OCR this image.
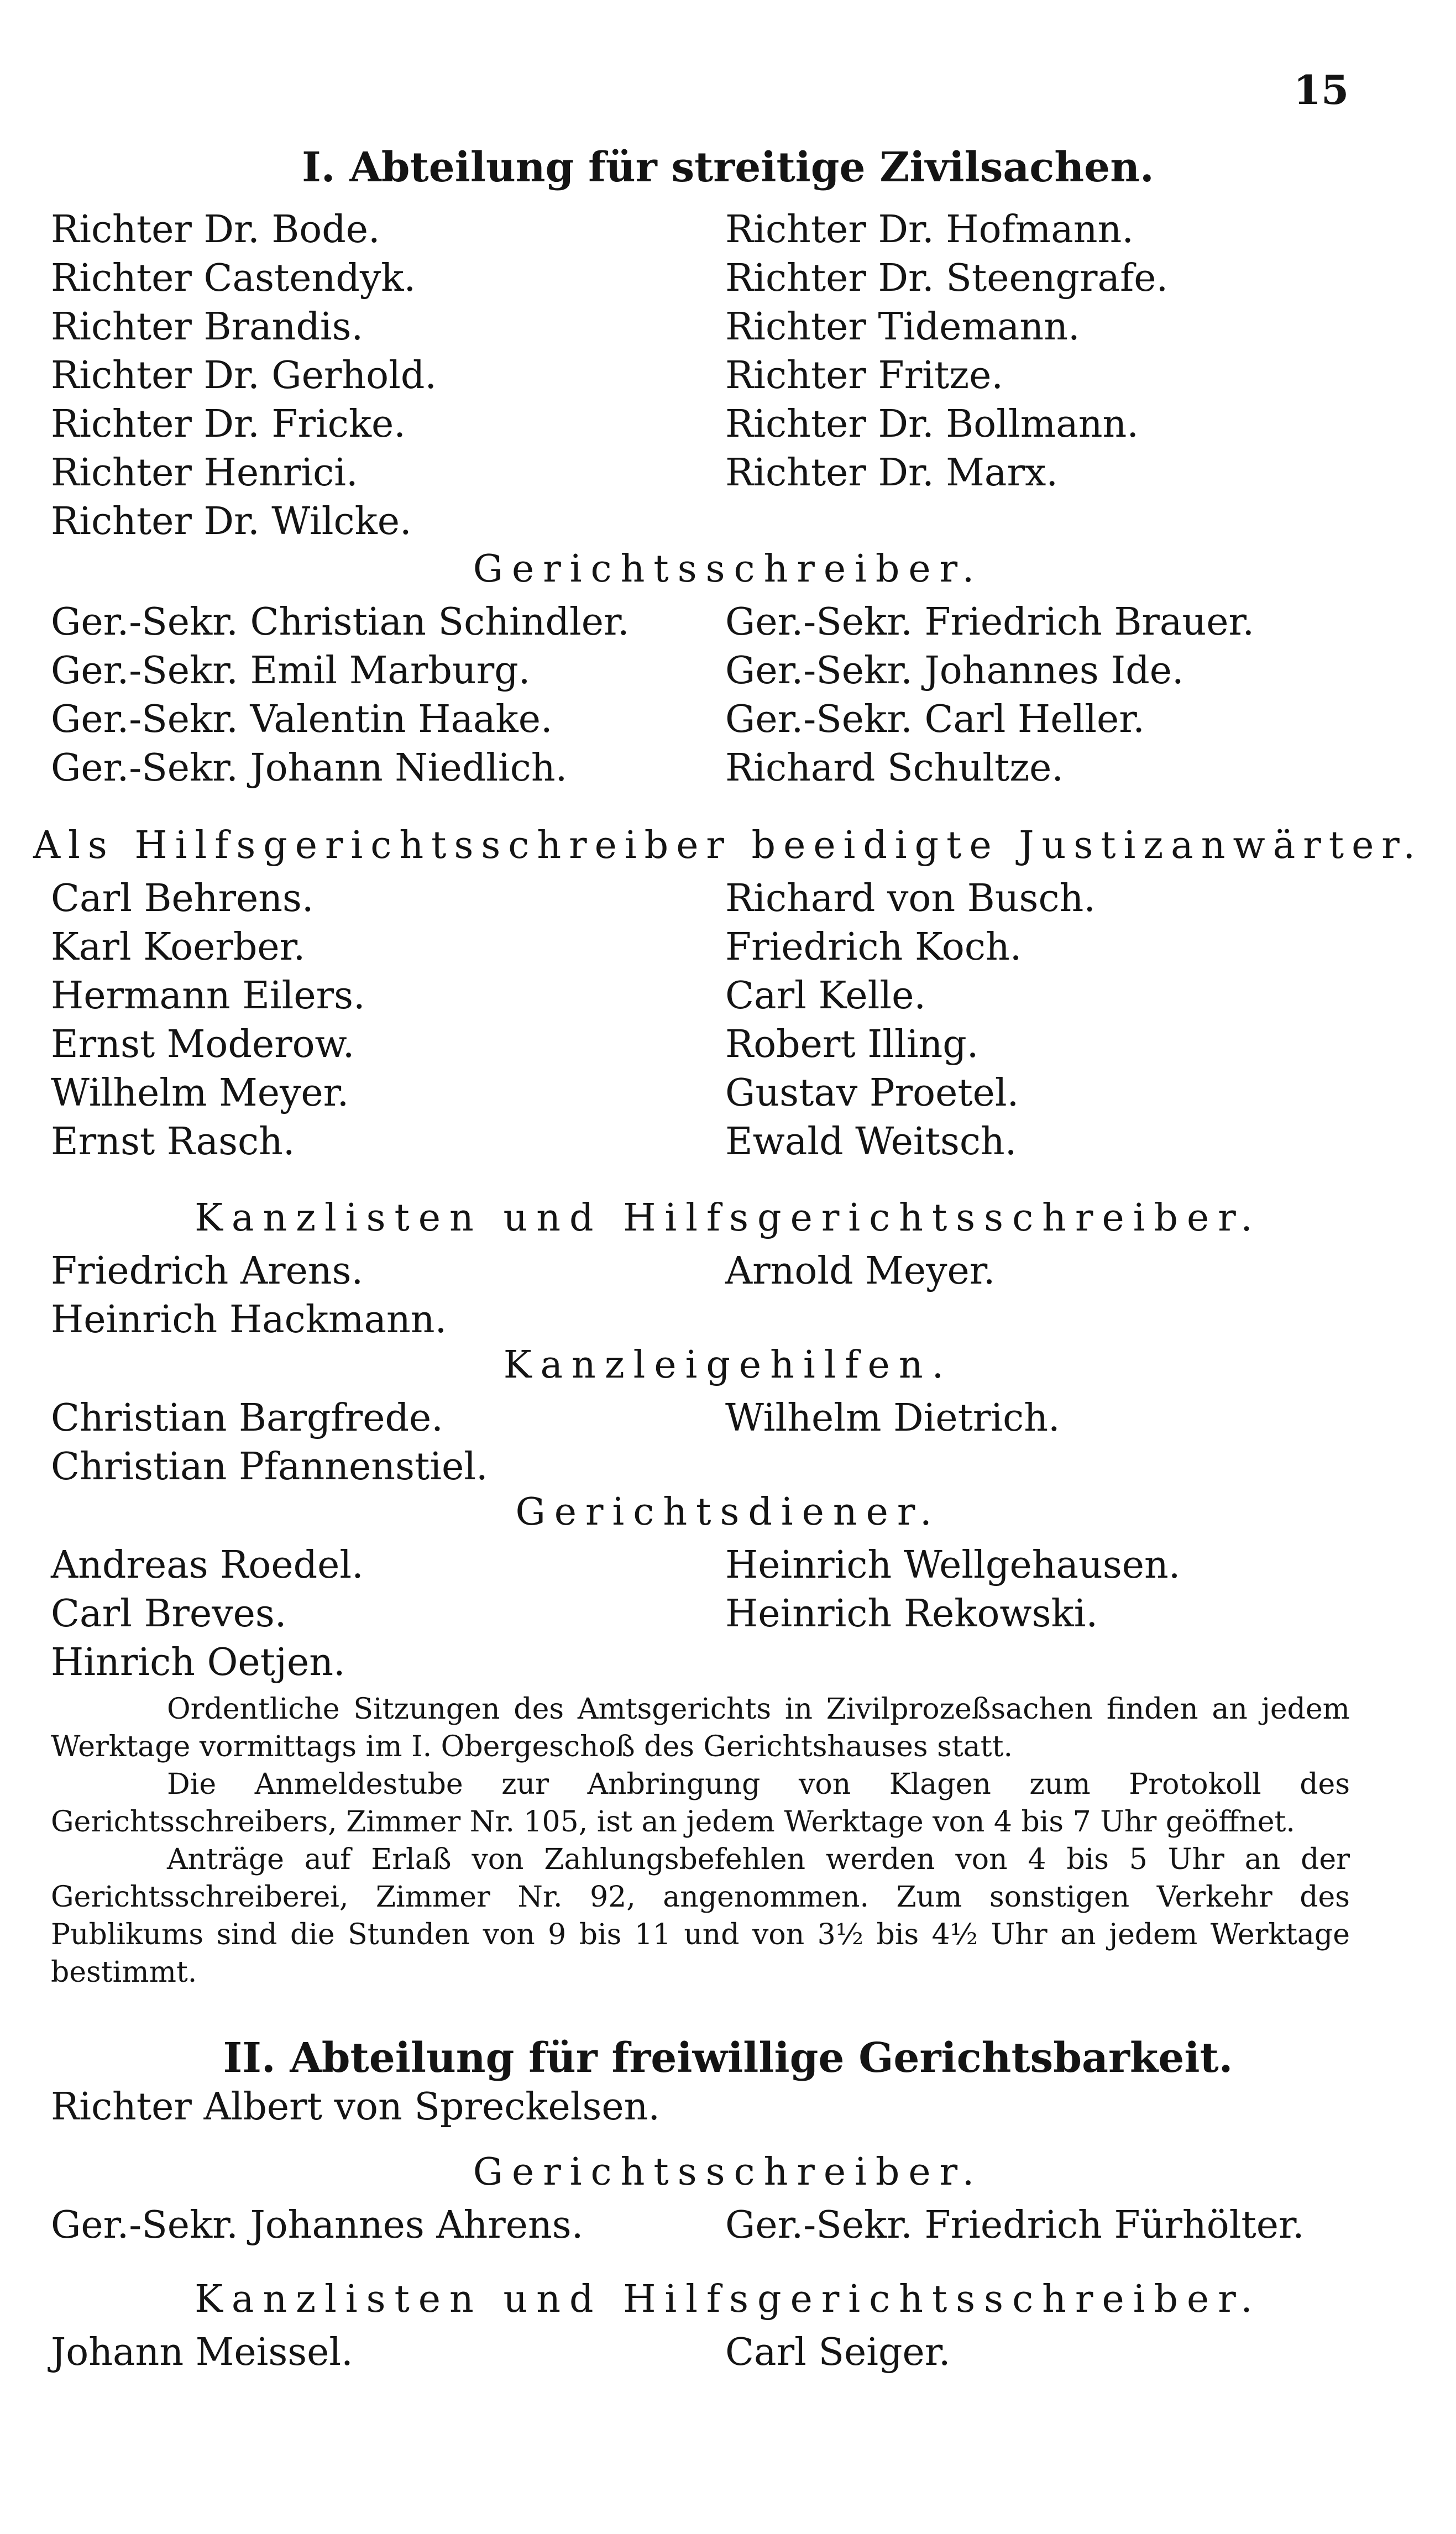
15
I. Abteilung für streitige Zivilsachen.
Richter Dr. Bode.
Richter Castendyk.
Richter Brandis.
Richter Dr. Gerhold.
Richter Dr. Fricke.
Richter Henrici.
Richter Dr. Wilcke.
Richter Dr. Hofmann.
Richter Dr. Steengrafe.
Richter Tidemann.
Richter Fritze.
Richter Dr. Bollmann.
Richter Dr. Marx.
Gerichtsschreiber.
Ger.-Sekr. Christian Schindler.
Ger.-Sekr. Emil Marburg.
Ger.-Sekr. Valentin Haake.
Ger.-Sekr. Johann Niedlich.
Ger.-Sekr. Friedrich Brauer.
Ger.-Sekr. Johannes Ide.
Ger.-Sekr. Carl Heller.
Richard Schultze.
Als Hilfsgerichtsschreiber beeidigte Justizanwärter.
Carl Behrens.
Karl Koerber.
Hermann Eilers.
Ernst Moderow.
Wilhelm Meyer.
Ernst Rasch.
Richard von Busch.
Friedrich Koch.
Carl Kelle.
Robert Illing.
Gustav Proetel.
Ewald Weitsch.
Kanzlisten und Hilfsgerichtsschreiber.
Friedrich Arens.
Heinrich Hackmann.
Arnold Meyer.
Kanzleigehilfen.
Christian Bargfrede.
Christian Pfannenstiel.
Wilhelm Dietrich.
Gerichtsdiener.
Andreas Roedel.
Carl Breves.
Hinrich Oetjen.
Heinrich Wellgehausen.
Heinrich Rekowski.

Ordentliche Sitzungen des Amtsgerichts in Zivilprozeßsachen finden an jedem Werktage vormittags im I. Obergeschoß des Gerichtshauses statt.

Die Anmeldestube zur Anbringung von Klagen zum Protokoll des Gerichtsschreibers, Zimmer Nr. 105, ist an jedem Werktage von 4 bis 7 Uhr geöffnet.

Anträge auf Erlaß von Zahlungsbefehlen werden von 4 bis 5 Uhr an der Gerichtsschreiberei, Zimmer Nr. 92, angenommen. Zum sonstigen Verkehr des Publikums sind die Stunden von 9 bis 11 und von 3½ bis 4½ Uhr an jedem Werktage bestimmt.

II. Abteilung für freiwillige Gerichtsbarkeit.
Richter Albert von Spreckelsen.
Gerichtsschreiber.
Ger.-Sekr. Johannes Ahrens.	Ger.-Sekr. Friedrich Fürhölter.
Kanzlisten und Hilfsgerichtsschreiber.
Johann Meissel.	Carl Seiger.
